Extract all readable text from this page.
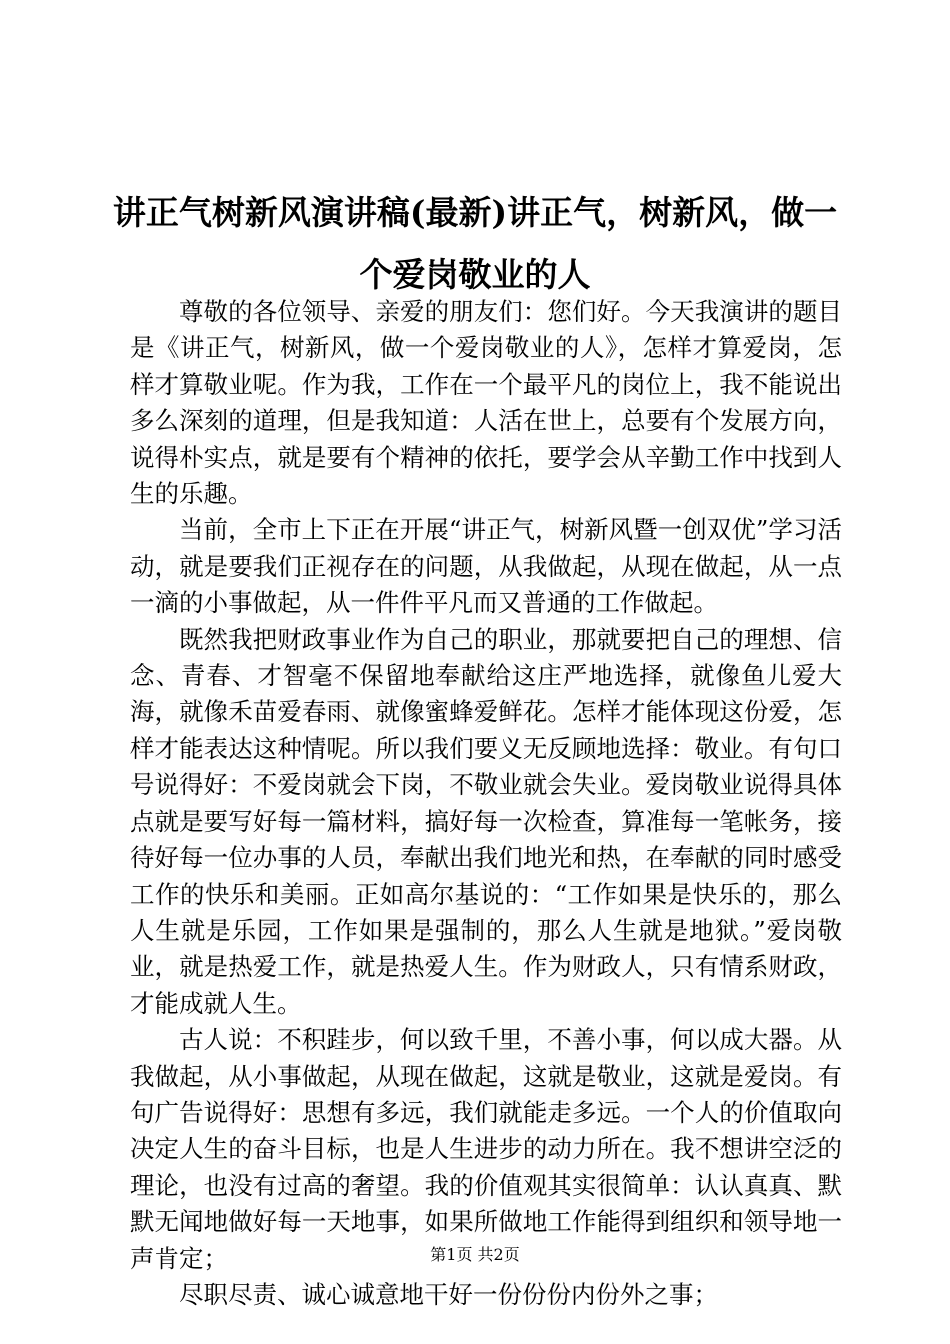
讲正气树新风演讲稿(最新)讲正气，树新风，做一个爱岗敬业的人

尊敬的各位领导、亲爱的朋友们：您们好。今天我演讲的题目是《讲正气，树新风，做一个爱岗敬业的人》，怎样才算爱岗，怎样才算敬业呢。作为我，工作在一个最平凡的岗位上，我不能说出多么深刻的道理，但是我知道：人活在世上，总要有个发展方向，说得朴实点，就是要有个精神的依托，要学会从辛勤工作中找到人生的乐趣。

当前，全市上下正在开展“讲正气，树新风暨一创双优”学习活动，就是要我们正视存在的问题，从我做起，从现在做起，从一点一滴的小事做起，从一件件平凡而又普通的工作做起。

既然我把财政事业作为自己的职业，那就要把自己的理想、信念、青春、才智毫不保留地奉献给这庄严地选择，就像鱼儿爱大海，就像禾苗爱春雨、就像蜜蜂爱鲜花。怎样才能体现这份爱，怎样才能表达这种情呢。所以我们要义无反顾地选择：敬业。有句口号说得好：不爱岗就会下岗，不敬业就会失业。爱岗敬业说得具体点就是要写好每一篇材料，搞好每一次检查，算准每一笔帐务，接待好每一位办事的人员，奉献出我们地光和热，在奉献的同时感受工作的快乐和美丽。正如高尔基说的：“工作如果是快乐的，那么人生就是乐园，工作如果是强制的，那么人生就是地狱。”爱岗敬业，就是热爱工作，就是热爱人生。作为财政人，只有情系财政，才能成就人生。

古人说：不积跬步，何以致千里，不善小事，何以成大器。从我做起，从小事做起，从现在做起，这就是敬业，这就是爱岗。有句广告说得好：思想有多远，我们就能走多远。一个人的价值取向决定人生的奋斗目标，也是人生进步的动力所在。我不想讲空泛的理论，也没有过高的奢望。我的价值观其实很简单：认认真真、默默无闻地做好每一天地事，如果所做地工作能得到组织和领导地一声肯定；

尽职尽责、诚心诚意地干好一份份份内份外之事；

第1页 共2页
